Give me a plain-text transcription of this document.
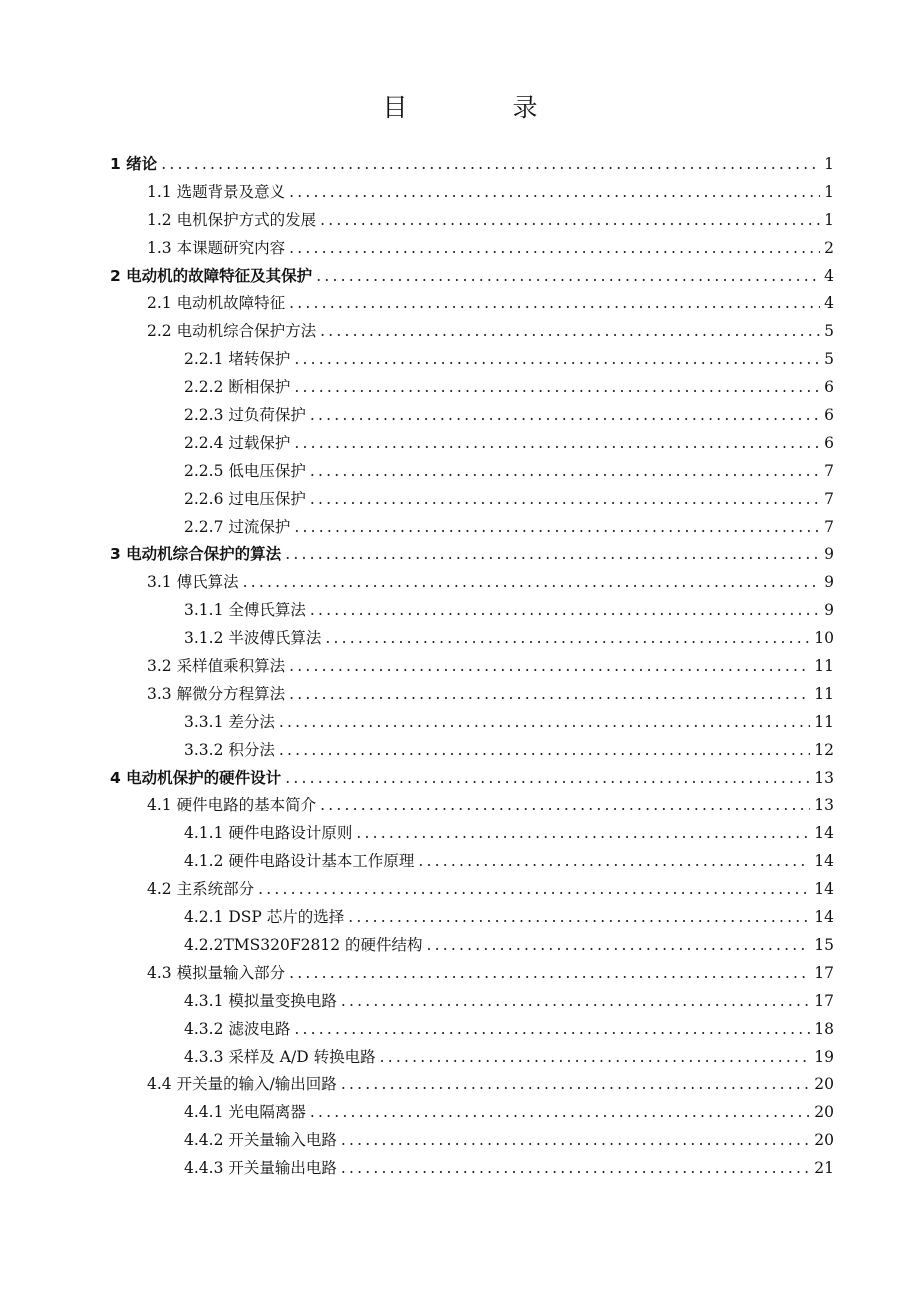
目　录
1 绪论 .....	1
1.1 选题背景及意义 .....	1
1.2 电机保护方式的发展 .....	1
1.3 本课题研究内容 .....	2
2 电动机的故障特征及其保护 .....	4
2.1 电动机故障特征 .....	4
2.2 电动机综合保护方法 .....	5
2.2.1 堵转保护 .....	5
2.2.2 断相保护 .....	6
2.2.3 过负荷保护 .....	6
2.2.4 过载保护 .....	6
2.2.5 低电压保护 .....	7
2.2.6 过电压保护 .....	7
2.2.7 过流保护 .....	7
3 电动机综合保护的算法 .....	9
3.1 傅氏算法 .....	9
3.1.1 全傅氏算法 .....	9
3.1.2 半波傅氏算法 .....	10
3.2 采样值乘积算法 .....	11
3.3 解微分方程算法 .....	11
3.3.1 差分法 .....	11
3.3.2 积分法 .....	12
4 电动机保护的硬件设计 .....	13
4.1 硬件电路的基本简介 .....	13
4.1.1 硬件电路设计原则 .....	14
4.1.2 硬件电路设计基本工作原理 .....	14
4.2 主系统部分 .....	14
4.2.1 DSP 芯片的选择 .....	14
4.2.2TMS320F2812 的硬件结构 .....	15
4.3 模拟量输入部分 .....	17
4.3.1 模拟量变换电路 .....	17
4.3.2 滤波电路 .....	18
4.3.3 采样及 A/D 转换电路 .....	19
4.4 开关量的输入/输出回路 .....	20
4.4.1 光电隔离器 .....	20
4.4.2 开关量输入电路 .....	20
4.4.3 开关量输出电路 .....	21
